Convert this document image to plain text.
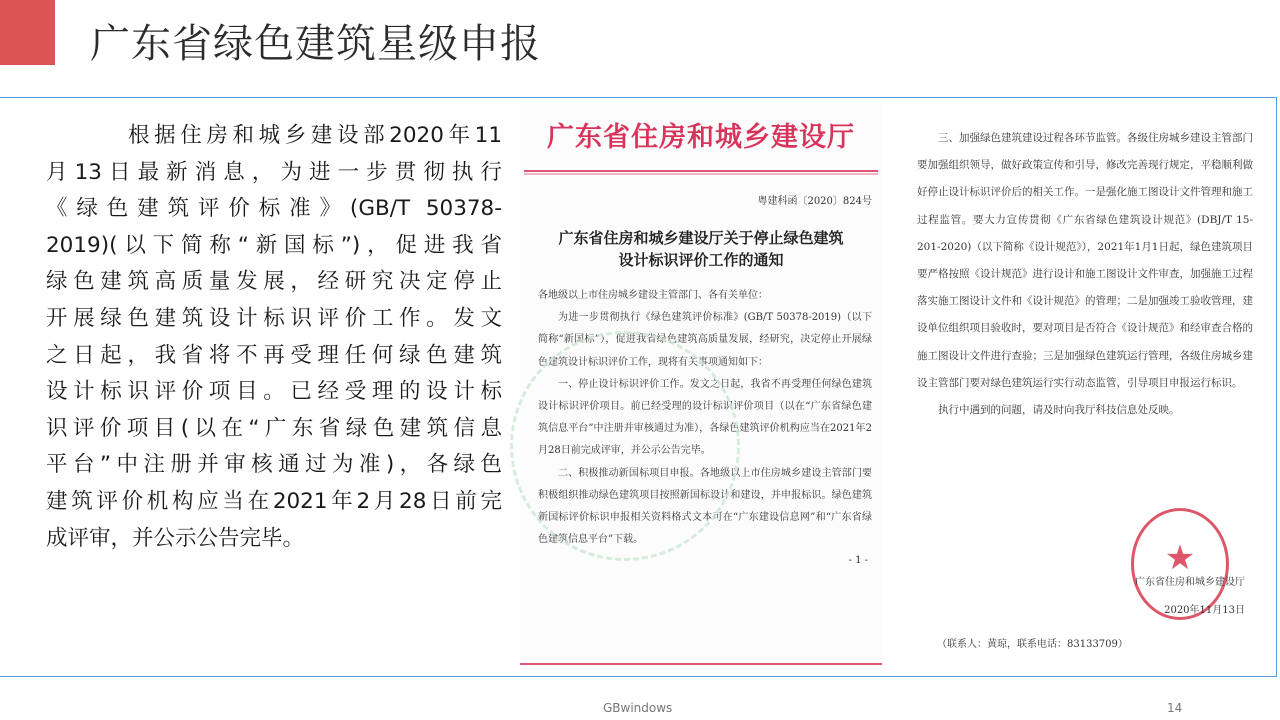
广东省绿色建筑星级申报
根据住房和城乡建设部2020年11
月13日最新消息，为进一步贯彻执行
《绿色建筑评价标准》(GB/T 50378-
2019)(以下简称“新国标”)，促进我省
绿色建筑高质量发展，经研究决定停止
开展绿色建筑设计标识评价工作。发文
之日起，我省将不再受理任何绿色建筑
设计标识评价项目。已经受理的设计标
识评价项目(以在“广东省绿色建筑信息
平台”中注册并审核通过为准)，各绿色
建筑评价机构应当在2021年2月28日前完
成评审，并公示公告完毕。
广东省住房和城乡建设厅
粤建科函〔2020〕824号
广东省住房和城乡建设厅关于停止绿色建筑
设计标识评价工作的通知

各地级以上市住房城乡建设主管部门、各有关单位：

为进一步贯彻执行《绿色建筑评价标准》(GB/T 50378-2019)（以下简称“新国标”），促进我省绿色建筑高质量发展，经研究，决定停止开展绿色建筑设计标识评价工作，现将有关事项通知如下：

一、停止设计标识评价工作。发文之日起，我省不再受理任何绿色建筑设计标识评价项目。前已经受理的设计标识评价项目（以在“广东省绿色建筑信息平台”中注册并审核通过为准），各绿色建筑评价机构应当在2021年2月28日前完成评审，并公示公告完毕。

二、积极推动新国标项目申报。各地级以上市住房城乡建设主管部门要积极组织推动绿色建筑项目按照新国标设计和建设，并申报标识。绿色建筑新国标评价标识申报相关资料格式文本可在“广东建设信息网”和“广东省绿色建筑信息平台”下载。

- 1 -

三、加强绿色建筑建设过程各环节监管。各级住房城乡建设主管部门要加强组织领导，做好政策宣传和引导，修改完善现行规定，平稳顺利做好停止设计标识评价后的相关工作。一是强化施工图设计文件管理和施工过程监管。要大力宣传贯彻《广东省绿色建筑设计规范》(DBJ/T 15-201-2020)（以下简称《设计规范》），2021年1月1日起，绿色建筑项目要严格按照《设计规范》进行设计和施工图设计文件审查，加强施工过程落实施工图设计文件和《设计规范》的管理；二是加强竣工验收管理，建设单位组织项目验收时，要对项目是否符合《设计规范》和经审查合格的施工图设计文件进行查验；三是加强绿色建筑运行管理，各级住房城乡建设主管部门要对绿色建筑运行实行动态监管，引导项目申报运行标识。

执行中遇到的问题，请及时向我厅科技信息处反映。

★
广东省住房和城乡建设厅
2020年11月13日
（联系人：黄琼，联系电话：83133709）
GBwindows	14
